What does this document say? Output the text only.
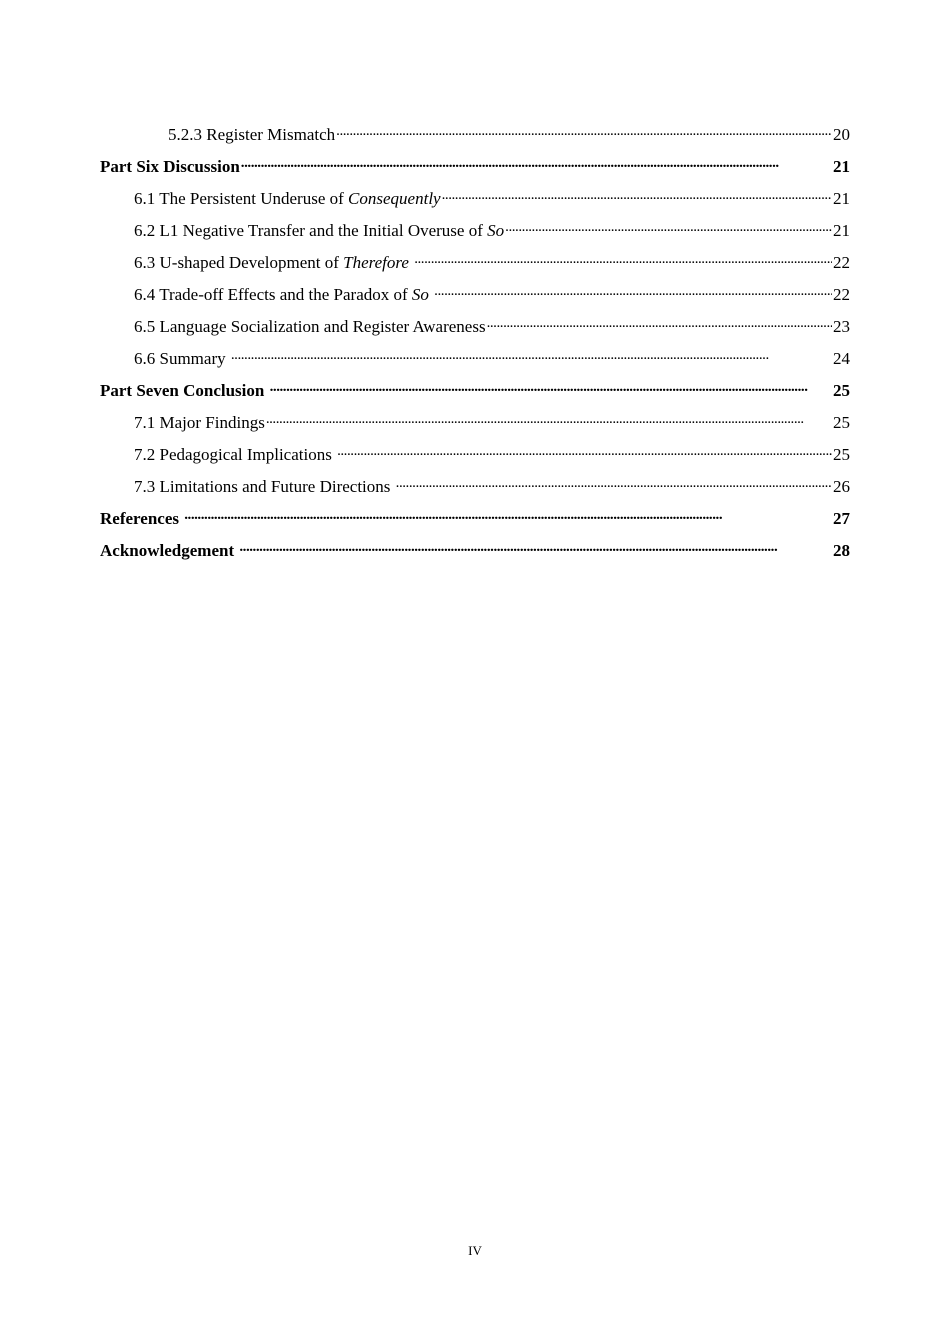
5.2.3 Register Mismatch . . .	20
Part Six Discussion . . .	21
6.1 The Persistent Underuse of Consequently . . .	21
6.2 L1 Negative Transfer and the Initial Overuse of So . . .	21
6.3 U-shaped Development of Therefore . . .	22
6.4 Trade-off Effects and the Paradox of So . . .	22
6.5 Language Socialization and Register Awareness . . .	23
6.6 Summary . . .	24
Part Seven Conclusion . . .	25
7.1 Major Findings . . .	25
7.2 Pedagogical Implications . . .	25
7.3 Limitations and Future Directions . . .	26
References . . .	27
Acknowledgement . . .	28
IV
